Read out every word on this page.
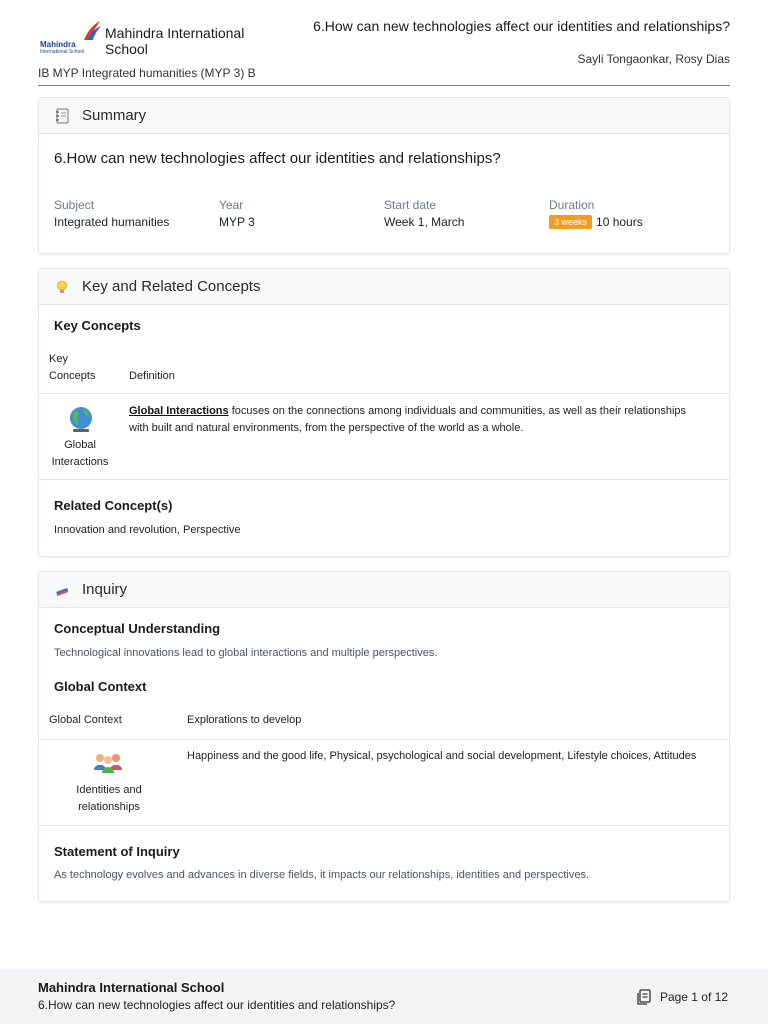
Mahindra
International School
Mahindra International School
6.How can new technologies affect our identities and relationships?
Sayli Tongaonkar, Rosy Dias
IB MYP Integrated humanities (MYP 3) B
Summary
6.How can new technologies affect our identities and relationships?
Subject
Integrated humanities
Year
MYP 3
Start date
Week 1, March
Duration
3 weeks 10 hours
Key and Related Concepts
Key Concepts
Key
Concepts	Definition
Global
Interactions
Global Interactions focuses on the connections among individuals and communities, as well as their relationships with built and natural environments, from the perspective of the world as a whole.
Related Concept(s)
Innovation and revolution, Perspective
Inquiry
Conceptual Understanding
Technological innovations lead to global interactions and multiple perspectives.
Global Context
Global Context	Explorations to develop
Identities and
relationships
Happiness and the good life, Physical, psychological and social development, Lifestyle choices, Attitudes
Statement of Inquiry
As technology evolves and advances in diverse fields, it impacts our relationships, identities and perspectives.
Mahindra International School
6.How can new technologies affect our identities and relationships?
Page 1 of 12
